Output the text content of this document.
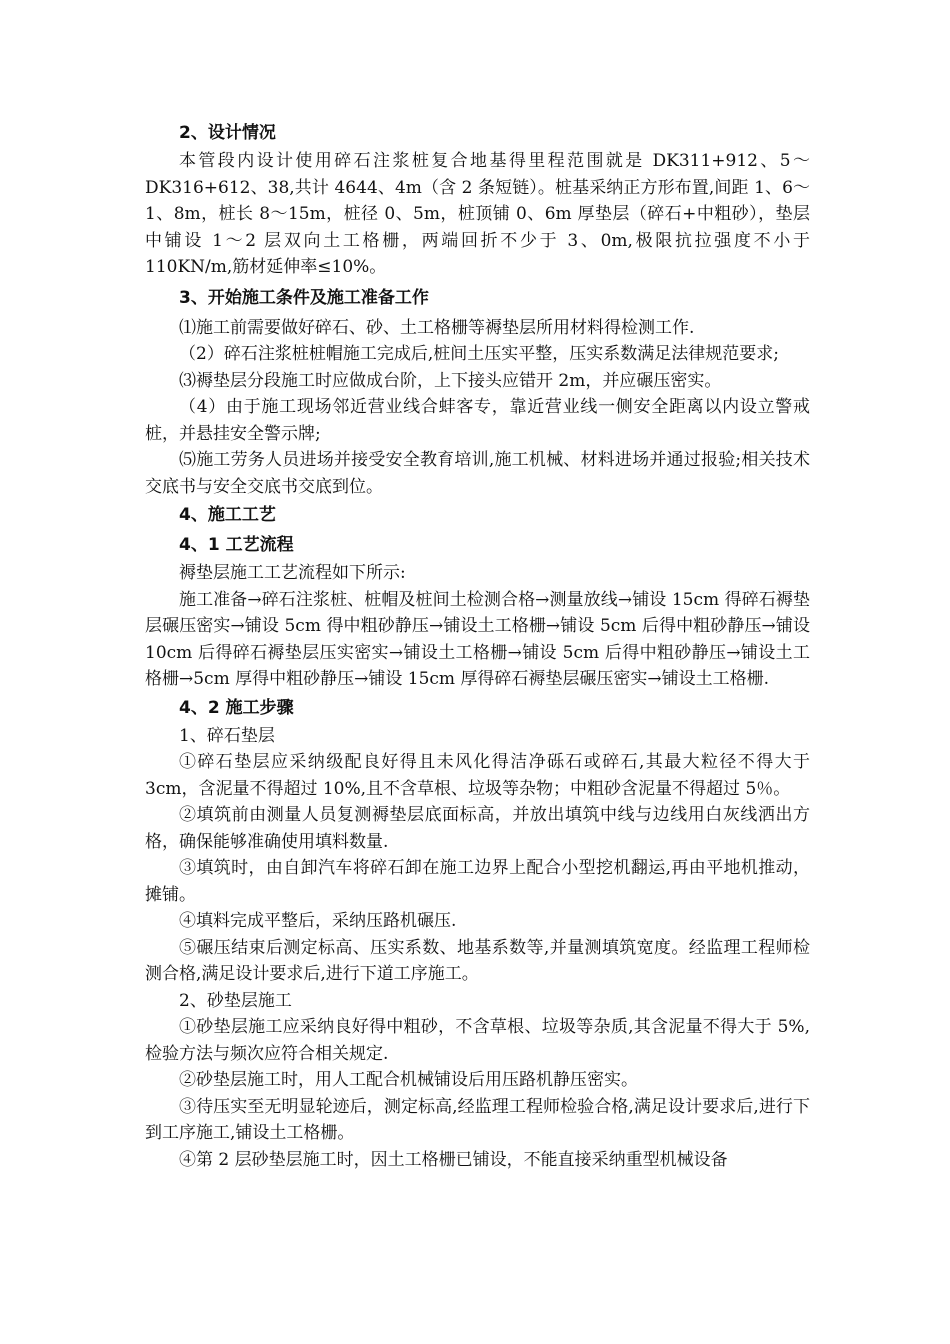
2、设计情况

本管段内设计使用碎石注浆桩复合地基得里程范围就是 DK311+912、5～DK316+612、38,共计 4644、4m（含 2 条短链）。桩基采纳正方形布置,间距 1、6～1、8m，桩长 8～15m，桩径 0、5m，桩顶铺 0、6m 厚垫层（碎石+中粗砂），垫层中铺设 1～2 层双向土工格栅，两端回折不少于 3、0m,极限抗拉强度不小于 110KN/m,筋材延伸率≤10%。

3、开始施工条件及施工准备工作

⑴施工前需要做好碎石、砂、土工格栅等褥垫层所用材料得检测工作.

（2）碎石注浆桩桩帽施工完成后,桩间土压实平整，压实系数满足法律规范要求;

⑶褥垫层分段施工时应做成台阶，上下接头应错开 2m，并应碾压密实。

（4）由于施工现场邻近营业线合蚌客专，靠近营业线一侧安全距离以内设立警戒桩，并悬挂安全警示牌;

⑸施工劳务人员进场并接受安全教育培训,施工机械、材料进场并通过报验;相关技术交底书与安全交底书交底到位。

4、施工工艺
4、1 工艺流程

褥垫层施工工艺流程如下所示:

施工准备→碎石注浆桩、桩帽及桩间土检测合格→测量放线→铺设 15cm 得碎石褥垫层碾压密实→铺设 5cm 得中粗砂静压→铺设土工格栅→铺设 5cm 后得中粗砂静压→铺设 10cm 后得碎石褥垫层压实密实→铺设土工格栅→铺设 5cm 后得中粗砂静压→铺设土工格栅→5cm 厚得中粗砂静压→铺设 15cm 厚得碎石褥垫层碾压密实→铺设土工格栅.

4、2 施工步骤

1、碎石垫层

①碎石垫层应采纳级配良好得且未风化得洁净砾石或碎石,其最大粒径不得大于 3cm，含泥量不得超过 10%,且不含草根、垃圾等杂物；中粗砂含泥量不得超过 5％。

②填筑前由测量人员复测褥垫层底面标高，并放出填筑中线与边线用白灰线洒出方格，确保能够准确使用填料数量.

③填筑时，由自卸汽车将碎石卸在施工边界上配合小型挖机翻运,再由平地机推动，摊铺。

④填料完成平整后，采纳压路机碾压.

⑤碾压结束后测定标高、压实系数、地基系数等,并量测填筑宽度。经监理工程师检测合格,满足设计要求后,进行下道工序施工。

2、砂垫层施工

①砂垫层施工应采纳良好得中粗砂，不含草根、垃圾等杂质,其含泥量不得大于 5%,检验方法与频次应符合相关规定.

②砂垫层施工时，用人工配合机械铺设后用压路机静压密实。

③待压实至无明显轮迹后，测定标高,经监理工程师检验合格,满足设计要求后,进行下到工序施工,铺设土工格栅。

④第 2 层砂垫层施工时，因土工格栅已铺设，不能直接采纳重型机械设备
